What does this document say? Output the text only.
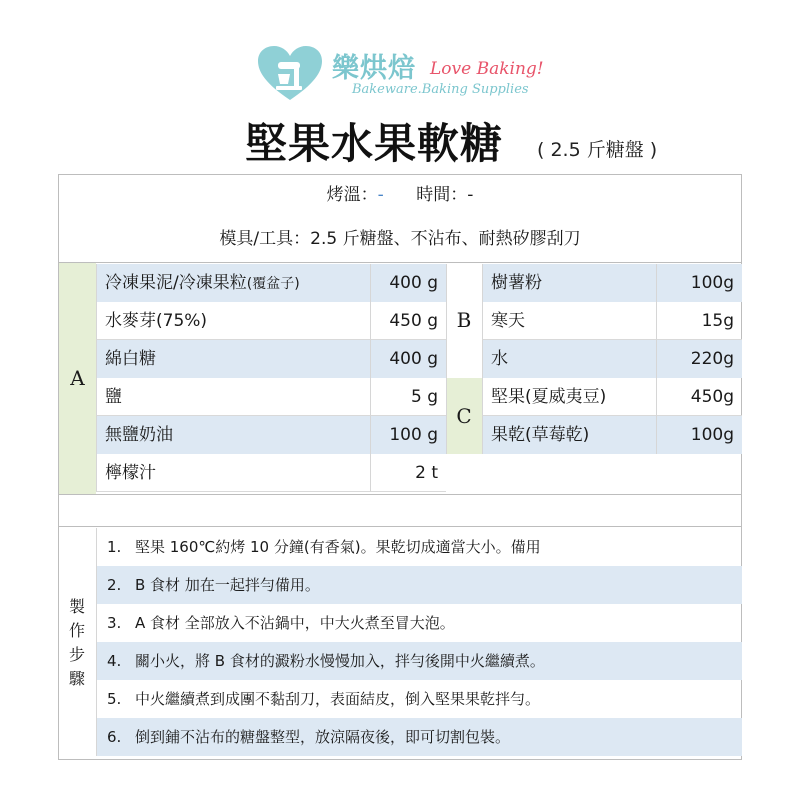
樂烘焙 Love Baking!
Bakeware.Baking Supplies
堅果水果軟糖 ( 2.5 斤糖盤 )
烤溫：- 時間：-
模具/工具：2.5 斤糖盤、不沾布、耐熱矽膠刮刀
A
冷凍果泥/冷凍果粒(覆盆子)	400 g
水麥芽(75%)	450 g
綿白糖	400 g
鹽	5 g
無鹽奶油	100 g
檸檬汁	2 t
B
樹薯粉	100g
寒天	15g
水	220g
C
堅果(夏威夷豆)	450g
果乾(草莓乾)	100g
製
作
步
驟
1. 堅果 160℃約烤 10 分鐘(有香氣)。果乾切成適當大小。備用
2. B 食材 加在一起拌勻備用。
3. A 食材 全部放入不沾鍋中，中大火煮至冒大泡。
4. 關小火，將 B 食材的澱粉水慢慢加入，拌勻後開中火繼續煮。
5. 中火繼續煮到成團不黏刮刀，表面結皮，倒入堅果果乾拌勻。
6. 倒到鋪不沾布的糖盤整型，放涼隔夜後，即可切割包裝。
